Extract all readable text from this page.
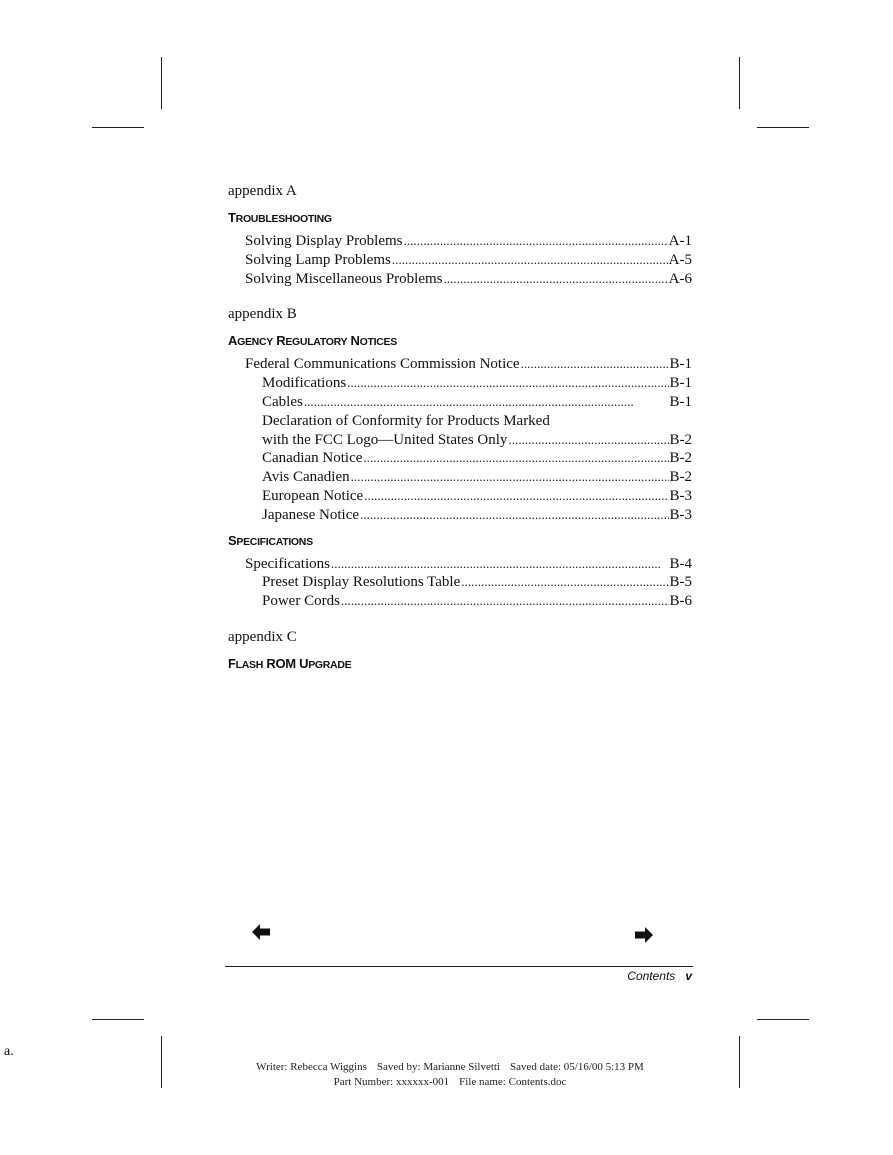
appendix A
TROUBLESHOOTING
Solving Display Problems . . .	A-1
Solving Lamp Problems . . .	A-5
Solving Miscellaneous Problems . . .	A-6
appendix B
AGENCY REGULATORY NOTICES
Federal Communications Commission Notice . . .	B-1
Modifications . . .	B-1
Cables . . .	B-1
Declaration of Conformity for Products Marked
with the FCC Logo—United States Only . . .	B-2
Canadian Notice . . .	B-2
Avis Canadien . . .	B-2
European Notice . . .	B-3
Japanese Notice . . .	B-3
SPECIFICATIONS
Specifications . . .	B-4
Preset Display Resolutions Table . . .	B-5
Power Cords . . .	B-6
appendix C
FLASH ROM UPGRADE
Contents v
a.
Writer: Rebecca Wiggins Saved by: Marianne Silvetti Saved date: 05/16/00 5:13 PM
Part Number: xxxxxx-001 File name: Contents.doc
